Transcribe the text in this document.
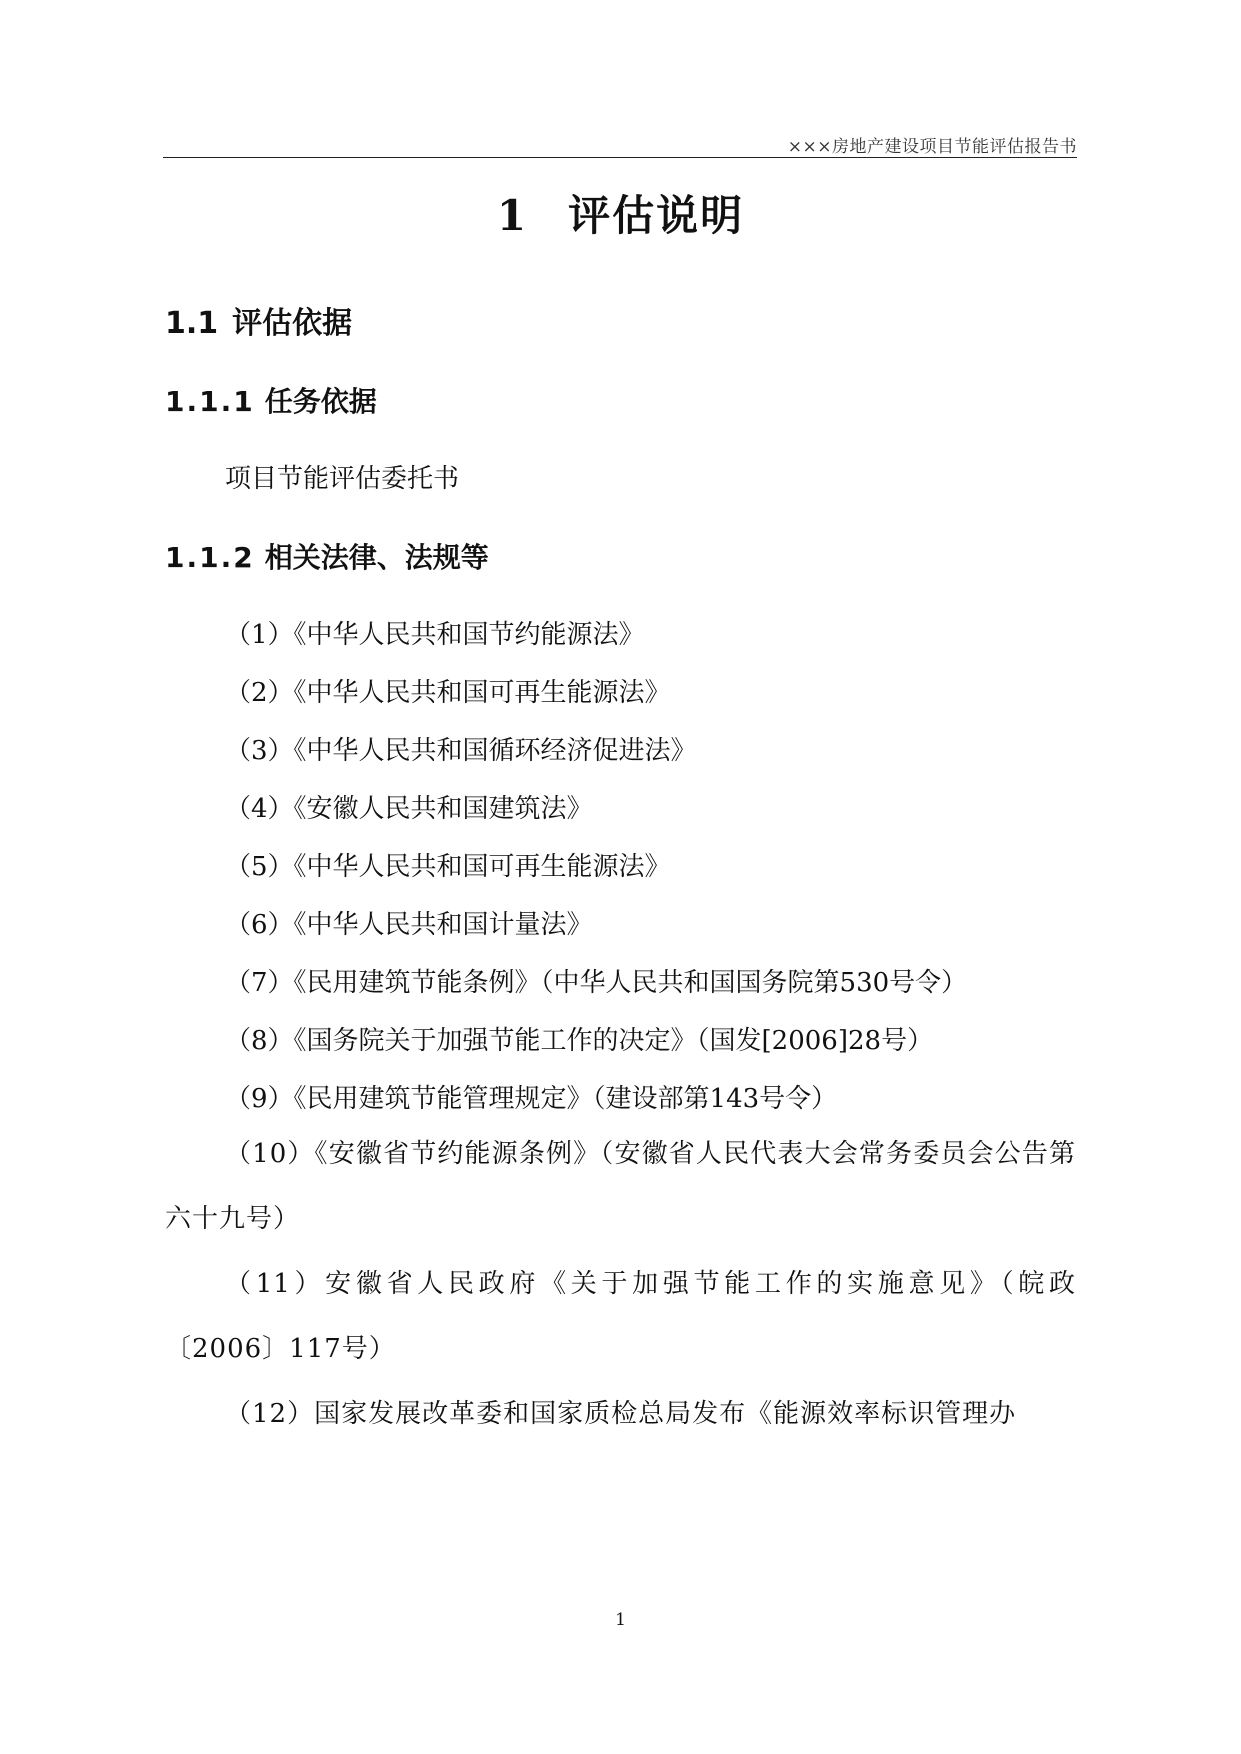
×××房地产建设项目节能评估报告书
1 评估说明
1.1 评估依据
1.1.1 任务依据
项目节能评估委托书
1.1.2 相关法律、法规等
（1）《中华人民共和国节约能源法》
（2）《中华人民共和国可再生能源法》
（3）《中华人民共和国循环经济促进法》
（4）《安徽人民共和国建筑法》
（5）《中华人民共和国可再生能源法》
（6）《中华人民共和国计量法》
（7）《民用建筑节能条例》（中华人民共和国国务院第530号令）
（8）《国务院关于加强节能工作的决定》（国发[2006]28号）
（9）《民用建筑节能管理规定》（建设部第143号令）
（10）《安徽省节约能源条例》（安徽省人民代表大会常务委员会公告第六十九号）
（11）安徽省人民政府《关于加强节能工作的实施意见》（皖政〔2006〕117号）
（12）国家发展改革委和国家质检总局发布《能源效率标识管理办
1
